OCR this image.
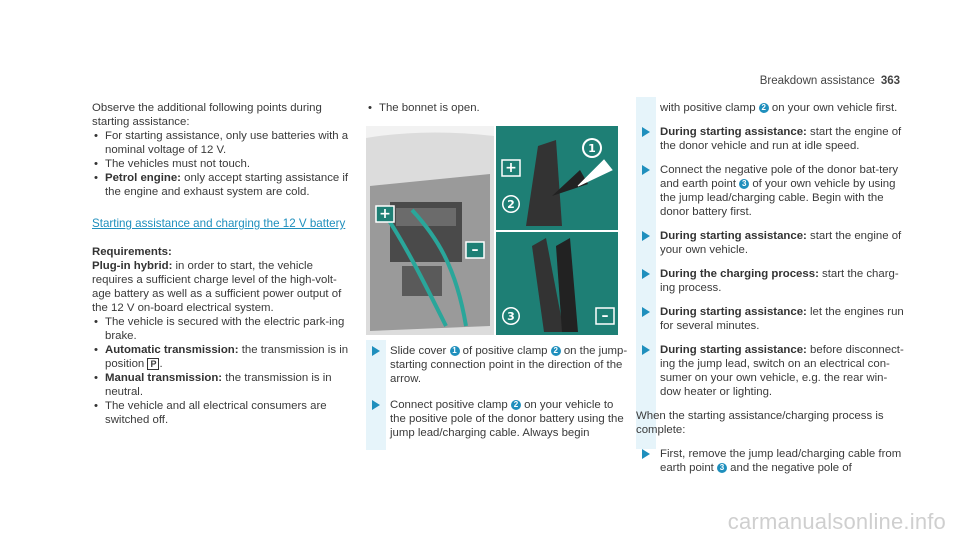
Breakdown assistance 363

Observe the additional following points during starting assistance:

• For starting assistance, only use batteries with a nominal voltage of 12 V.
• The vehicles must not touch.
• Petrol engine: only accept starting assistance if the engine and exhaust system are cold.

Starting assistance and charging the 12 V battery

Requirements:

Plug-in hybrid: in order to start, the vehicle requires a sufficient charge level of the high-volt-age battery as well as a sufficient power output of the 12 V on-board electrical system.

• The vehicle is secured with the electric park-ing brake.
• Automatic transmission: the transmission is in position P .
• Manual transmission: the transmission is in neutral.
• The vehicle and all electrical consumers are switched off.
• The bonnet is open.
+
–
1
+
2
3	–
Slide cover 1 of positive clamp 2 on the jump-starting connection point in the direction of the arrow.
Connect positive clamp 2 on your vehicle to the positive pole of the donor battery using the jump lead/charging cable. Always begin
with positive clamp 2 on your own vehicle first.
During starting assistance: start the engine of the donor vehicle and run at idle speed.
Connect the negative pole of the donor bat-tery and earth point 3 of your own vehicle by using the jump lead/charging cable. Begin with the donor battery first.
During starting assistance: start the engine of your own vehicle.
During the charging process: start the charg-ing process.
During starting assistance: let the engines run for several minutes.
During starting assistance: before disconnect-ing the jump lead, switch on an electrical con-sumer on your own vehicle, e.g. the rear win-dow heater or lighting.

When the starting assistance/charging process is complete:

First, remove the jump lead/charging cable from earth point 3 and the negative pole of
carmanualsonline.info
